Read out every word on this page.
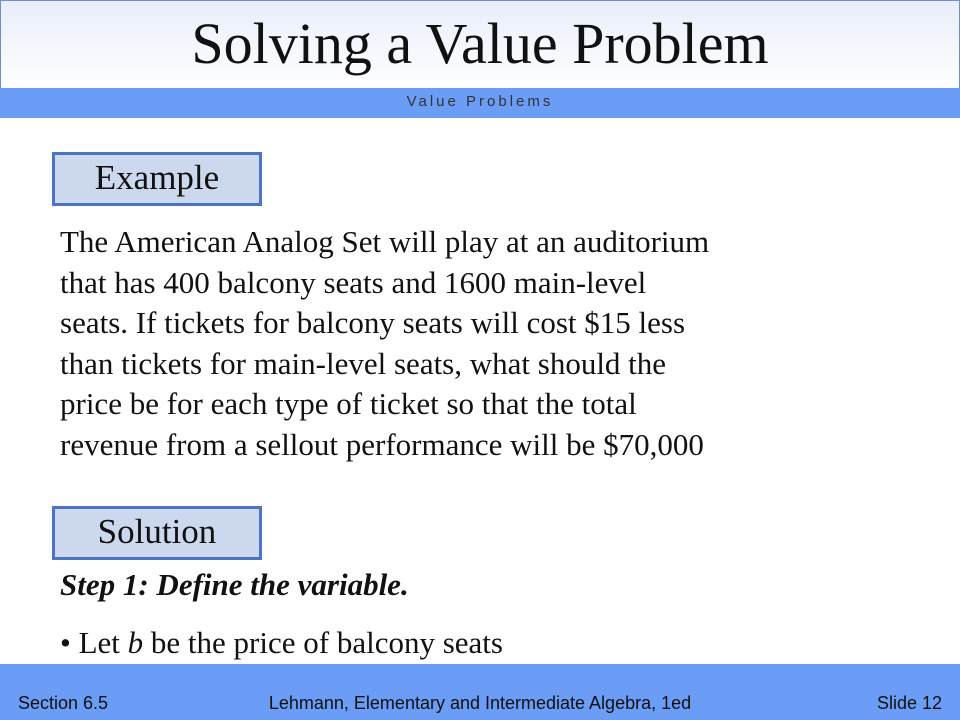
Solving a Value Problem
Value Problems
Example
The American Analog Set will play at an auditorium
that has 400 balcony seats and 1600 main-level
seats. If tickets for balcony seats will cost $15 less
than tickets for main-level seats, what should the
price be for each type of ticket so that the total
revenue from a sellout performance will be $70,000
Solution
Step 1: Define the variable.
• Let b be the price of balcony seats
Lehmann, Elementary and Intermediate Algebra, 1ed
Section 6.5	Slide 12
